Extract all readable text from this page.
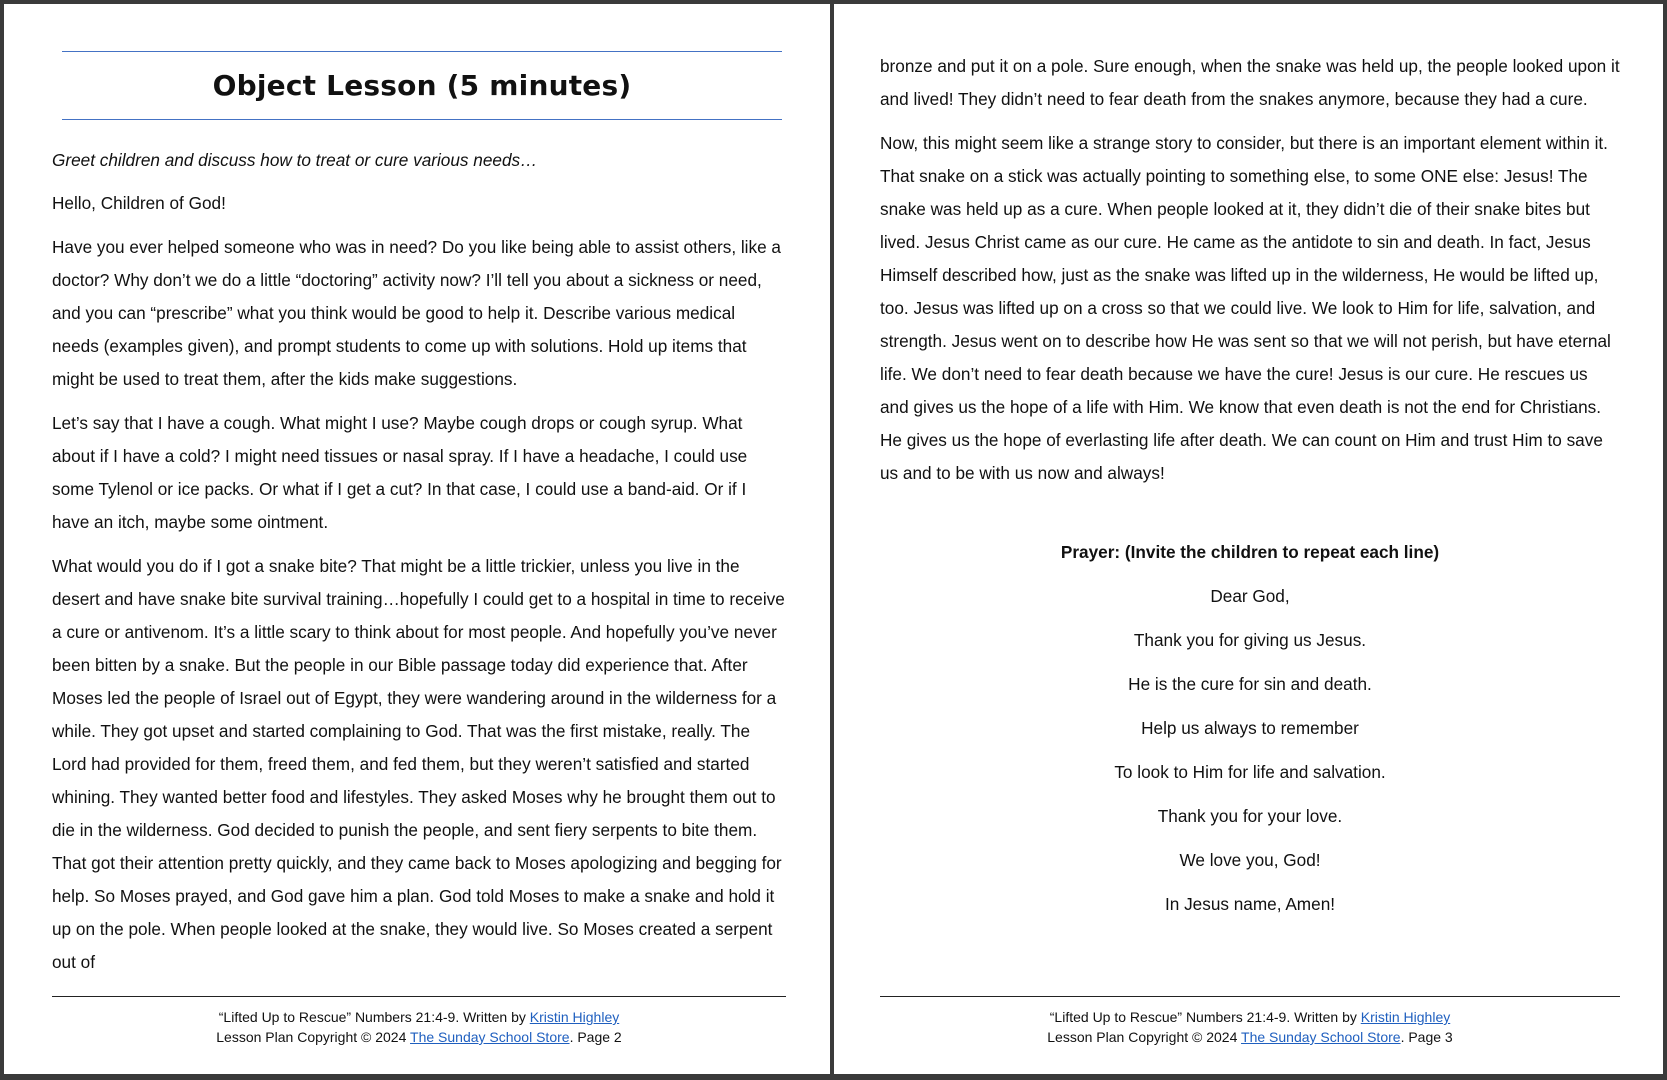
Object Lesson (5 minutes)

Greet children and discuss how to treat or cure various needs…

Hello, Children of God!

Have you ever helped someone who was in need? Do you like being able to assist others, like a doctor? Why don’t we do a little “doctoring” activity now? I’ll tell you about a sickness or need, and you can “prescribe” what you think would be good to help it. Describe various medical needs (examples given), and prompt students to come up with solutions. Hold up items that might be used to treat them, after the kids make suggestions.

Let’s say that I have a cough. What might I use? Maybe cough drops or cough syrup. What about if I have a cold? I might need tissues or nasal spray. If I have a headache, I could use some Tylenol or ice packs. Or what if I get a cut? In that case, I could use a band-aid. Or if I have an itch, maybe some ointment.

What would you do if I got a snake bite? That might be a little trickier, unless you live in the desert and have snake bite survival training…hopefully I could get to a hospital in time to receive a cure or antivenom. It’s a little scary to think about for most people. And hopefully you’ve never been bitten by a snake. But the people in our Bible passage today did experience that. After Moses led the people of Israel out of Egypt, they were wandering around in the wilderness for a while. They got upset and started complaining to God. That was the first mistake, really. The Lord had provided for them, freed them, and fed them, but they weren’t satisfied and started whining. They wanted better food and lifestyles. They asked Moses why he brought them out to die in the wilderness. God decided to punish the people, and sent fiery serpents to bite them. That got their attention pretty quickly, and they came back to Moses apologizing and begging for help. So Moses prayed, and God gave him a plan. God told Moses to make a snake and hold it up on the pole. When people looked at the snake, they would live. So Moses created a serpent out of

“Lifted Up to Rescue” Numbers 21:4-9. Written by Kristin Highley
Lesson Plan Copyright © 2024 The Sunday School Store. Page 2

bronze and put it on a pole. Sure enough, when the snake was held up, the people looked upon it and lived! They didn’t need to fear death from the snakes anymore, because they had a cure.

Now, this might seem like a strange story to consider, but there is an important element within it. That snake on a stick was actually pointing to something else, to some ONE else: Jesus! The snake was held up as a cure. When people looked at it, they didn’t die of their snake bites but lived. Jesus Christ came as our cure. He came as the antidote to sin and death. In fact, Jesus Himself described how, just as the snake was lifted up in the wilderness, He would be lifted up, too. Jesus was lifted up on a cross so that we could live. We look to Him for life, salvation, and strength. Jesus went on to describe how He was sent so that we will not perish, but have eternal life. We don’t need to fear death because we have the cure! Jesus is our cure. He rescues us and gives us the hope of a life with Him. We know that even death is not the end for Christians. He gives us the hope of everlasting life after death. We can count on Him and trust Him to save us and to be with us now and always!

Prayer: (Invite the children to repeat each line)

Dear God,

Thank you for giving us Jesus.

He is the cure for sin and death.

Help us always to remember

To look to Him for life and salvation.

Thank you for your love.

We love you, God!

In Jesus name, Amen!

“Lifted Up to Rescue” Numbers 21:4-9. Written by Kristin Highley
Lesson Plan Copyright © 2024 The Sunday School Store. Page 3
